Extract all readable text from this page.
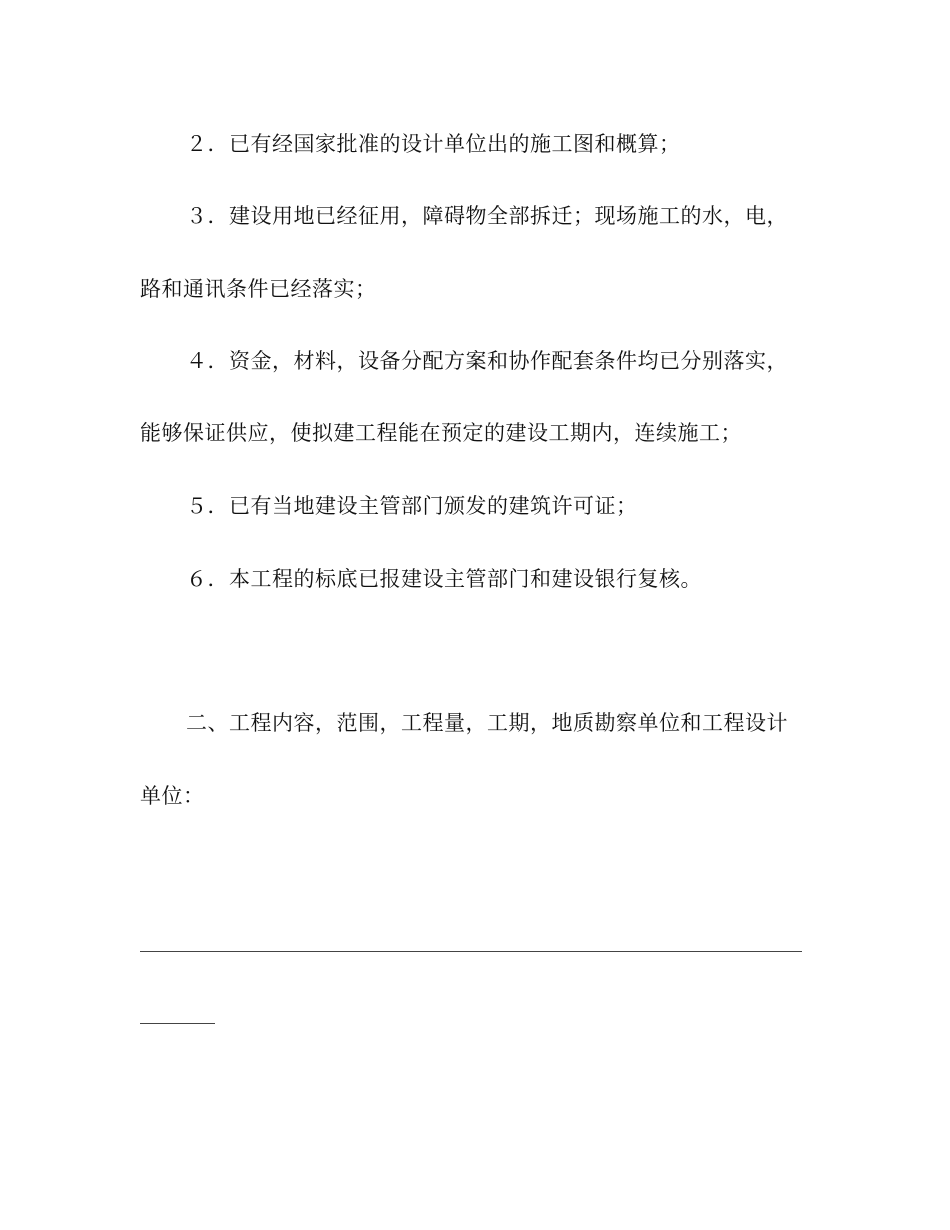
２．已有经国家批准的设计单位出的施工图和概算；
３．建设用地已经征用，障碍物全部拆迁；现场施工的水，电，
路和通讯条件已经落实；
４．资金，材料，设备分配方案和协作配套条件均已分别落实，
能够保证供应，使拟建工程能在预定的建设工期内，连续施工；
５．已有当地建设主管部门颁发的建筑许可证；
６．本工程的标底已报建设主管部门和建设银行复核。
二、工程内容，范围，工程量，工期，地质勘察单位和工程设计
单位：
